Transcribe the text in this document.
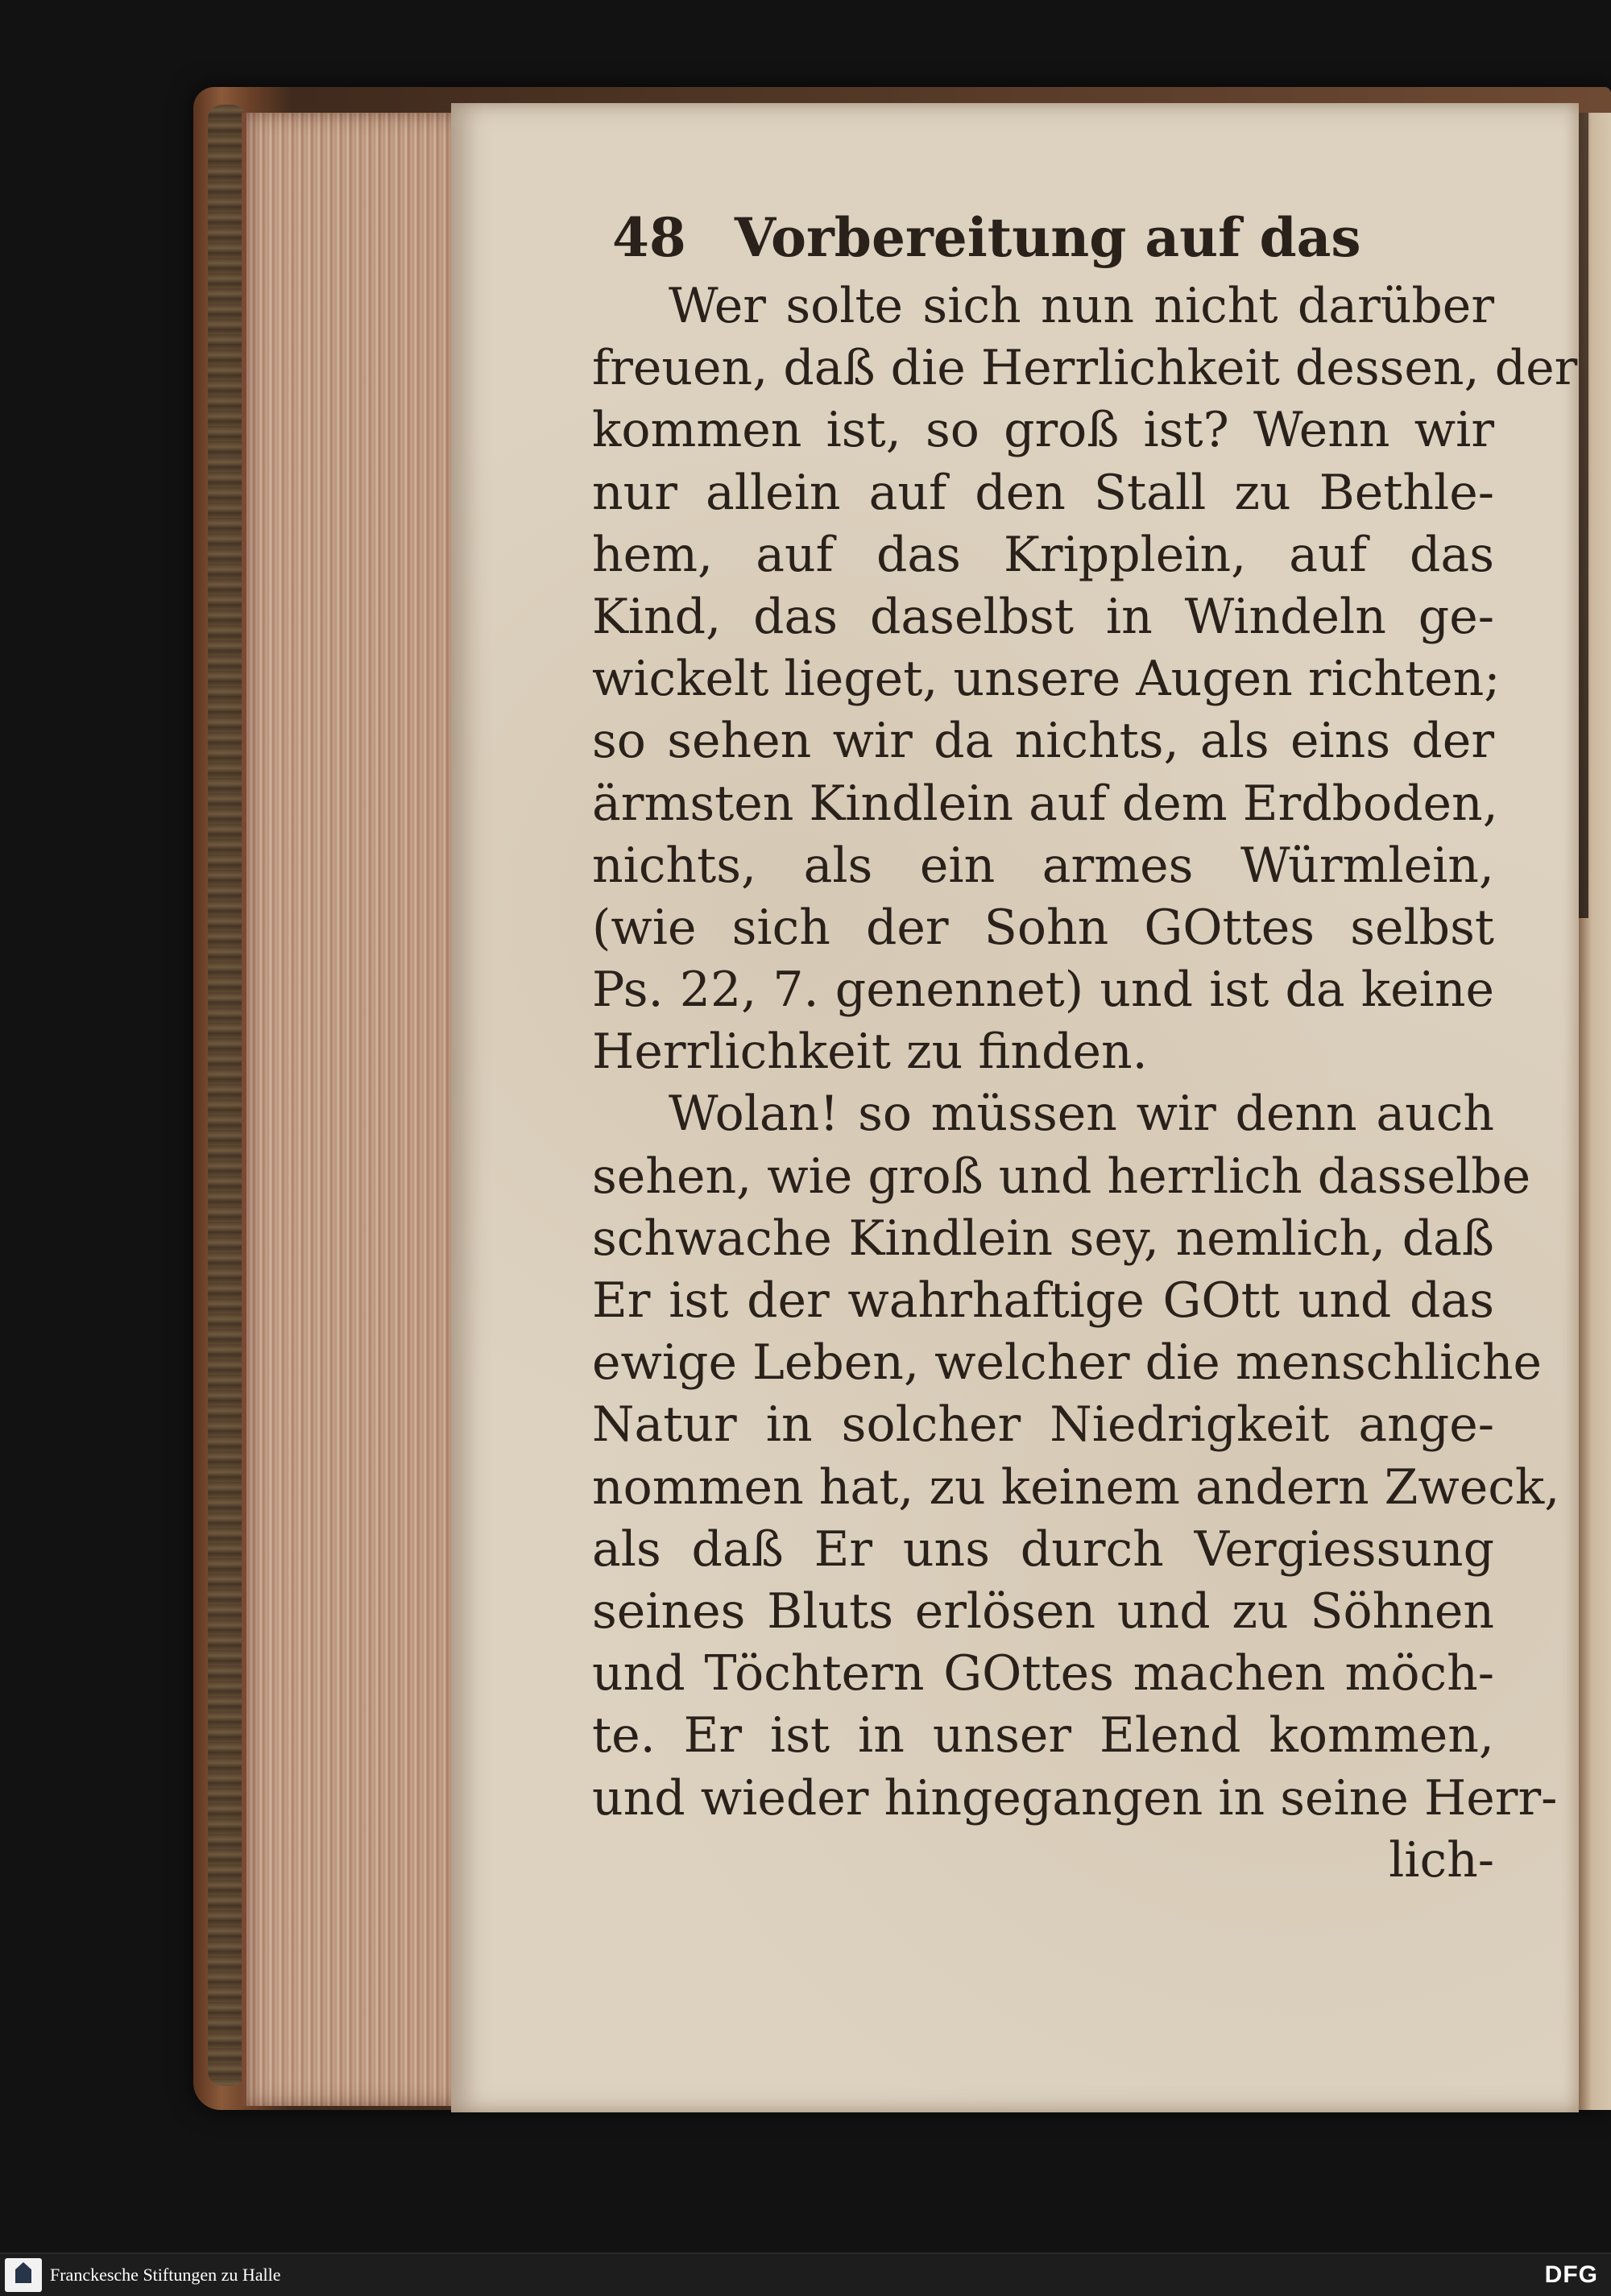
48 Vorbereitung auf das
Wer solte sich nun nicht darüber
freuen, daß die Herrlichkeit dessen, der
kommen ist, so groß ist? Wenn wir
nur allein auf den Stall zu Bethle-
hem, auf das Kripplein, auf das
Kind, das daselbst in Windeln ge-
wickelt lieget, unsere Augen richten;
so sehen wir da nichts, als eins der
ärmsten Kindlein auf dem Erdboden,
nichts, als ein armes Würmlein,
(wie sich der Sohn GOttes selbst
Ps. 22, 7. genennet) und ist da keine
Herrlichkeit zu finden.
Wolan! so müssen wir denn auch
sehen, wie groß und herrlich dasselbe
schwache Kindlein sey, nemlich, daß
Er ist der wahrhaftige GOtt und das
ewige Leben, welcher die menschliche
Natur in solcher Niedrigkeit ange-
nommen hat, zu keinem andern Zweck,
als daß Er uns durch Vergiessung
seines Bluts erlösen und zu Söhnen
und Töchtern GOttes machen möch-
te. Er ist in unser Elend kommen,
und wieder hingegangen in seine Herr-
lich-
Franckesche Stiftungen zu Halle	DFG
